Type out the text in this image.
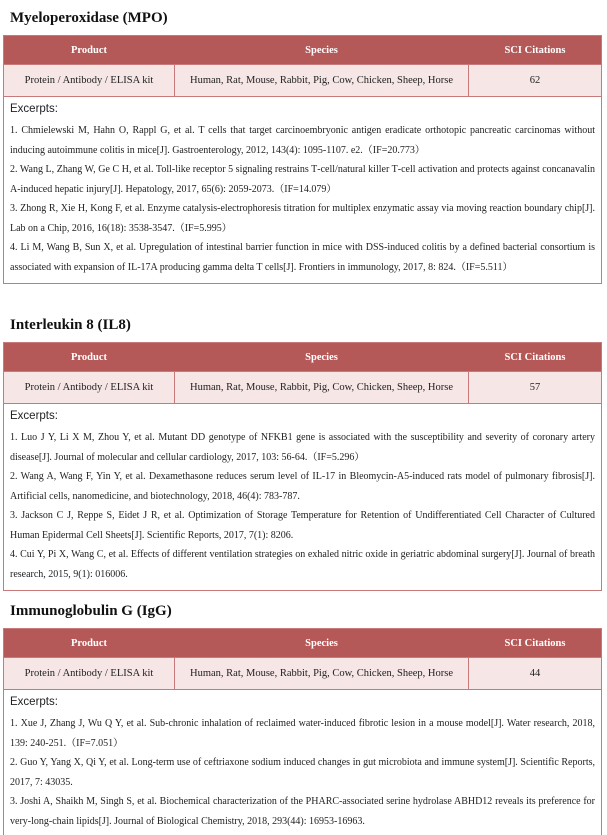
Myeloperoxidase (MPO)
Product	Species	SCI Citations
Protein / Antibody / ELISA kit	Human, Rat, Mouse, Rabbit, Pig, Cow, Chicken, Sheep, Horse	62
Excerpts:

1. Chmielewski M, Hahn O, Rappl G, et al. T cells that target carcinoembryonic antigen eradicate orthotopic pancreatic carcinomas without inducing autoimmune colitis in mice[J]. Gastroenterology, 2012, 143(4): 1095-1107. e2.（IF=20.773）

2. Wang L, Zhang W, Ge C H, et al. Toll‐like receptor 5 signaling restrains T‐cell/natural killer T‐cell activation and protects against concanavalin A‐induced hepatic injury[J]. Hepatology, 2017, 65(6): 2059-2073.（IF=14.079）

3. Zhong R, Xie H, Kong F, et al. Enzyme catalysis‐electrophoresis titration for multiplex enzymatic assay via moving reaction boundary chip[J]. Lab on a Chip, 2016, 16(18): 3538-3547.（IF=5.995）

4. Li M, Wang B, Sun X, et al. Upregulation of intestinal barrier function in mice with DSS-induced colitis by a defined bacterial consortium is associated with expansion of IL-17A producing gamma delta T cells[J]. Frontiers in immunology, 2017, 8: 824.（IF=5.511）

Interleukin 8 (IL8)
Product	Species	SCI Citations
Protein / Antibody / ELISA kit	Human, Rat, Mouse, Rabbit, Pig, Cow, Chicken, Sheep, Horse	57
Excerpts:

1. Luo J Y, Li X M, Zhou Y, et al. Mutant DD genotype of NFKB1 gene is associated with the susceptibility and severity of coronary artery disease[J]. Journal of molecular and cellular cardiology, 2017, 103: 56-64.（IF=5.296）

2. Wang A, Wang F, Yin Y, et al. Dexamethasone reduces serum level of IL-17 in Bleomycin-A5-induced rats model of pulmonary fibrosis[J]. Artificial cells, nanomedicine, and biotechnology, 2018, 46(4): 783-787.

3. Jackson C J, Reppe S, Eidet J R, et al. Optimization of Storage Temperature for Retention of Undifferentiated Cell Character of Cultured Human Epidermal Cell Sheets[J]. Scientific Reports, 2017, 7(1): 8206.

4. Cui Y, Pi X, Wang C, et al. Effects of different ventilation strategies on exhaled nitric oxide in geriatric abdominal surgery[J]. Journal of breath research, 2015, 9(1): 016006.

Immunoglobulin G (IgG)
Product	Species	SCI Citations
Protein / Antibody / ELISA kit	Human, Rat, Mouse, Rabbit, Pig, Cow, Chicken, Sheep, Horse	44
Excerpts:

1. Xue J, Zhang J, Wu Q Y, et al. Sub-chronic inhalation of reclaimed water-induced fibrotic lesion in a mouse model[J]. Water research, 2018, 139: 240-251.（IF=7.051）

2. Guo Y, Yang X, Qi Y, et al. Long-term use of ceftriaxone sodium induced changes in gut microbiota and immune system[J]. Scientific Reports, 2017, 7: 43035.

3. Joshi A, Shaikh M, Singh S, et al. Biochemical characterization of the PHARC-associated serine hydrolase ABHD12 reveals its preference for very-long-chain lipids[J]. Journal of Biological Chemistry, 2018, 293(44): 16953-16963.
